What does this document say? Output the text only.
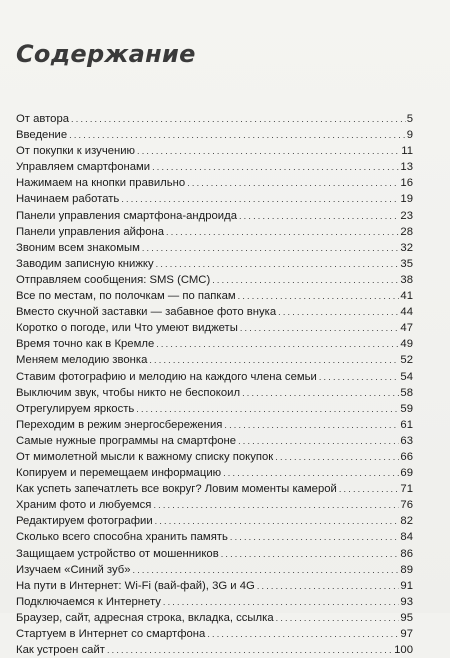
Содержание
От автора .....	5
Введение .....	9
От покупки к изучению .....	11
Управляем смартфонами .....	13
Нажимаем на кнопки правильно .....	16
Начинаем работать .....	19
Панели управления смартфона-андроида .....	23
Панели управления айфона .....	28
Звоним всем знакомым .....	32
Заводим записную книжку .....	35
Отправляем сообщения: SMS (СМС) .....	38
Все по местам, по полочкам — по папкам .....	41
Вместо скучной заставки — забавное фото внука .....	44
Коротко о погоде, или Что умеют виджеты .....	47
Время точно как в Кремле .....	49
Меняем мелодию звонка .....	52
Ставим фотографию и мелодию на каждого члена семьи .....	54
Выключим звук, чтобы никто не беспокоил .....	58
Отрегулируем яркость .....	59
Переходим в режим энергосбережения .....	61
Самые нужные программы на смартфоне .....	63
От мимолетной мысли к важному списку покупок .....	66
Копируем и перемещаем информацию .....	69
Как успеть запечатлеть все вокруг? Ловим моменты камерой .....	71
Храним фото и любуемся .....	76
Редактируем фотографии .....	82
Сколько всего способна хранить память .....	84
Защищаем устройство от мошенников .....	86
Изучаем «Синий зуб» .....	89
На пути в Интернет: Wi-Fi (вай-фай), 3G и 4G .....	91
Подключаемся к Интернету .....	93
Браузер, сайт, адресная строка, вкладка, ссылка .....	95
Стартуем в Интернет со смартфона .....	97
Как устроен сайт .....	100
